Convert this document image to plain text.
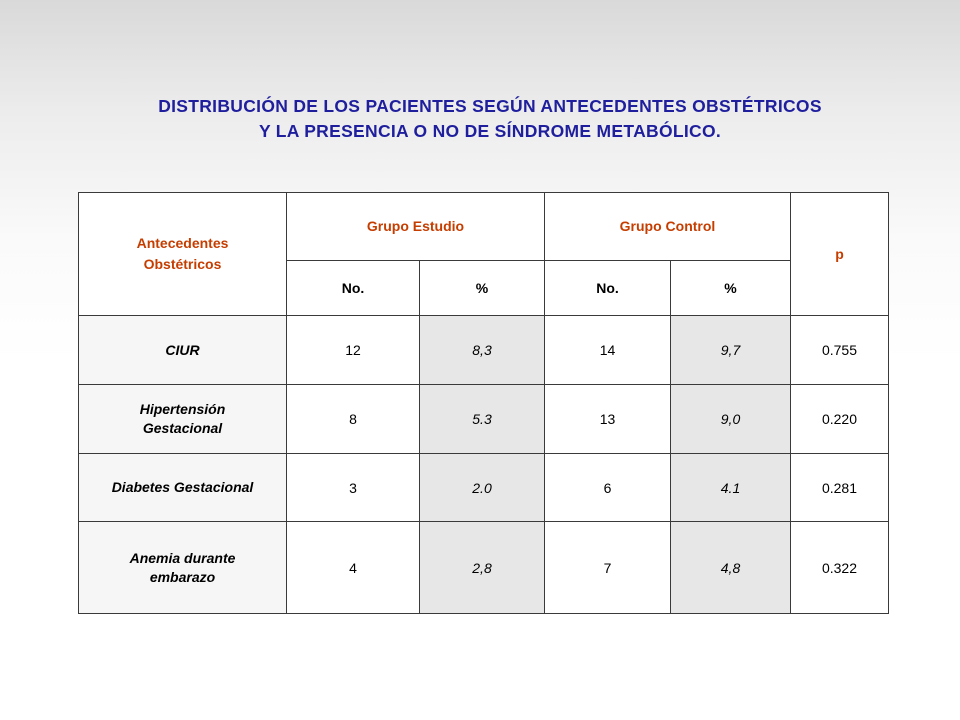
DISTRIBUCIÓN DE LOS PACIENTES SEGÚN ANTECEDENTES OBSTÉTRICOS
Y LA PRESENCIA O NO DE SÍNDROME METABÓLICO.
Antecedentes
Obstétricos	Grupo Estudio		Grupo Control		p
	No.	%	No.	%	

CIUR	12	8,3	14	9,7	0.755

Hipertensión
Gestacional	8	5.3	13	9,0	0.220

Diabetes Gestacional	3	2.0	6	4.1	0.281

Anemia durante
embarazo	4	2,8	7	4,8	0.322
